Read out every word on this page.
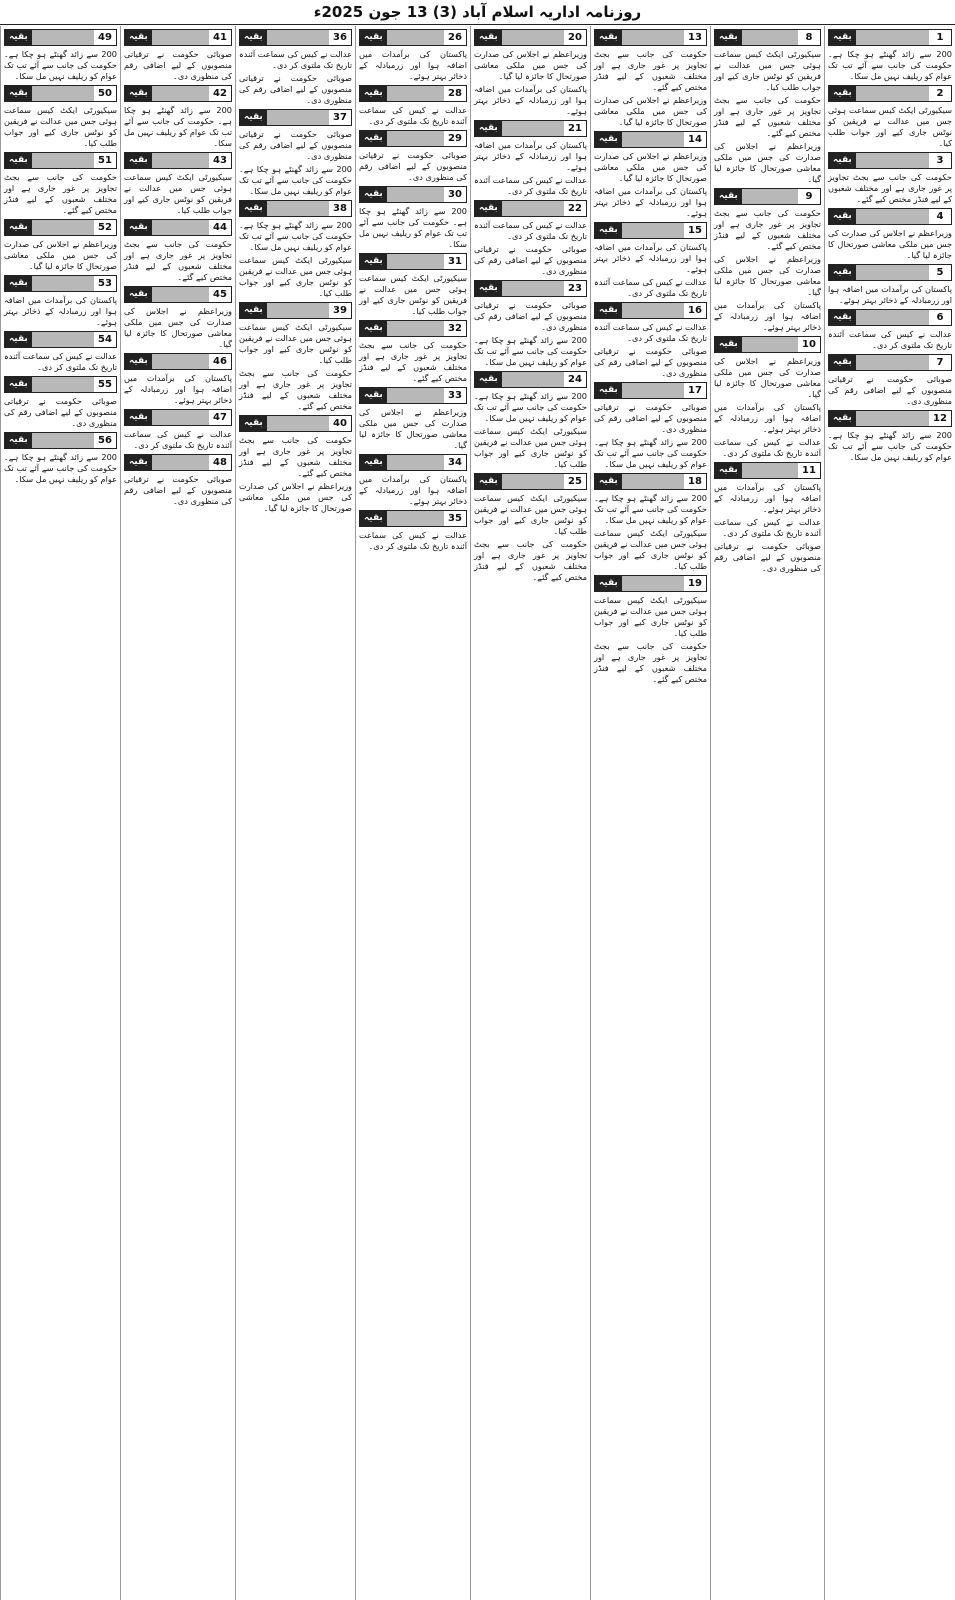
روزنامہ اداریہ اسلام آباد (3) 13 جون 2025ء
1
بقیہ

200 سے زائد گھنٹے ہو چکا ہے۔ حکومت کی جانب سے آئے تب تک عوام کو ریلیف نہیں مل سکا۔

2
بقیہ

سیکیورٹی ایکٹ کیس سماعت ہوئی جس میں عدالت نے فریقین کو نوٹس جاری کیے اور جواب طلب کیا۔

3
بقیہ

حکومت کی جانب سے بجٹ تجاویز پر غور جاری ہے اور مختلف شعبوں کے لیے فنڈز مختص کیے گئے۔

4
بقیہ

وزیراعظم نے اجلاس کی صدارت کی جس میں ملکی معاشی صورتحال کا جائزہ لیا گیا۔

5
بقیہ

پاکستان کی برآمدات میں اضافہ ہوا اور زرمبادلہ کے ذخائر بہتر ہوئے۔

6
بقیہ

عدالت نے کیس کی سماعت آئندہ تاریخ تک ملتوی کر دی۔

7
بقیہ

صوبائی حکومت نے ترقیاتی منصوبوں کے لیے اضافی رقم کی منظوری دی۔

12
بقیہ

200 سے زائد گھنٹے ہو چکا ہے۔ حکومت کی جانب سے آئے تب تک عوام کو ریلیف نہیں مل سکا۔

8
بقیہ

سیکیورٹی ایکٹ کیس سماعت ہوئی جس میں عدالت نے فریقین کو نوٹس جاری کیے اور جواب طلب کیا۔

حکومت کی جانب سے بجٹ تجاویز پر غور جاری ہے اور مختلف شعبوں کے لیے فنڈز مختص کیے گئے۔

وزیراعظم نے اجلاس کی صدارت کی جس میں ملکی معاشی صورتحال کا جائزہ لیا گیا۔

9
بقیہ

حکومت کی جانب سے بجٹ تجاویز پر غور جاری ہے اور مختلف شعبوں کے لیے فنڈز مختص کیے گئے۔

وزیراعظم نے اجلاس کی صدارت کی جس میں ملکی معاشی صورتحال کا جائزہ لیا گیا۔

پاکستان کی برآمدات میں اضافہ ہوا اور زرمبادلہ کے ذخائر بہتر ہوئے۔

10
بقیہ

وزیراعظم نے اجلاس کی صدارت کی جس میں ملکی معاشی صورتحال کا جائزہ لیا گیا۔

پاکستان کی برآمدات میں اضافہ ہوا اور زرمبادلہ کے ذخائر بہتر ہوئے۔

عدالت نے کیس کی سماعت آئندہ تاریخ تک ملتوی کر دی۔

11
بقیہ

پاکستان کی برآمدات میں اضافہ ہوا اور زرمبادلہ کے ذخائر بہتر ہوئے۔

عدالت نے کیس کی سماعت آئندہ تاریخ تک ملتوی کر دی۔

صوبائی حکومت نے ترقیاتی منصوبوں کے لیے اضافی رقم کی منظوری دی۔

13
بقیہ

حکومت کی جانب سے بجٹ تجاویز پر غور جاری ہے اور مختلف شعبوں کے لیے فنڈز مختص کیے گئے۔

وزیراعظم نے اجلاس کی صدارت کی جس میں ملکی معاشی صورتحال کا جائزہ لیا گیا۔

14
بقیہ

وزیراعظم نے اجلاس کی صدارت کی جس میں ملکی معاشی صورتحال کا جائزہ لیا گیا۔

پاکستان کی برآمدات میں اضافہ ہوا اور زرمبادلہ کے ذخائر بہتر ہوئے۔

15
بقیہ

پاکستان کی برآمدات میں اضافہ ہوا اور زرمبادلہ کے ذخائر بہتر ہوئے۔

عدالت نے کیس کی سماعت آئندہ تاریخ تک ملتوی کر دی۔

16
بقیہ

عدالت نے کیس کی سماعت آئندہ تاریخ تک ملتوی کر دی۔

صوبائی حکومت نے ترقیاتی منصوبوں کے لیے اضافی رقم کی منظوری دی۔

17
بقیہ

صوبائی حکومت نے ترقیاتی منصوبوں کے لیے اضافی رقم کی منظوری دی۔

200 سے زائد گھنٹے ہو چکا ہے۔ حکومت کی جانب سے آئے تب تک عوام کو ریلیف نہیں مل سکا۔

18
بقیہ

200 سے زائد گھنٹے ہو چکا ہے۔ حکومت کی جانب سے آئے تب تک عوام کو ریلیف نہیں مل سکا۔

سیکیورٹی ایکٹ کیس سماعت ہوئی جس میں عدالت نے فریقین کو نوٹس جاری کیے اور جواب طلب کیا۔

19
بقیہ

سیکیورٹی ایکٹ کیس سماعت ہوئی جس میں عدالت نے فریقین کو نوٹس جاری کیے اور جواب طلب کیا۔

حکومت کی جانب سے بجٹ تجاویز پر غور جاری ہے اور مختلف شعبوں کے لیے فنڈز مختص کیے گئے۔

20
بقیہ

وزیراعظم نے اجلاس کی صدارت کی جس میں ملکی معاشی صورتحال کا جائزہ لیا گیا۔

پاکستان کی برآمدات میں اضافہ ہوا اور زرمبادلہ کے ذخائر بہتر ہوئے۔

21
بقیہ

پاکستان کی برآمدات میں اضافہ ہوا اور زرمبادلہ کے ذخائر بہتر ہوئے۔

عدالت نے کیس کی سماعت آئندہ تاریخ تک ملتوی کر دی۔

22
بقیہ

عدالت نے کیس کی سماعت آئندہ تاریخ تک ملتوی کر دی۔

صوبائی حکومت نے ترقیاتی منصوبوں کے لیے اضافی رقم کی منظوری دی۔

23
بقیہ

صوبائی حکومت نے ترقیاتی منصوبوں کے لیے اضافی رقم کی منظوری دی۔

200 سے زائد گھنٹے ہو چکا ہے۔ حکومت کی جانب سے آئے تب تک عوام کو ریلیف نہیں مل سکا۔

24
بقیہ

200 سے زائد گھنٹے ہو چکا ہے۔ حکومت کی جانب سے آئے تب تک عوام کو ریلیف نہیں مل سکا۔

سیکیورٹی ایکٹ کیس سماعت ہوئی جس میں عدالت نے فریقین کو نوٹس جاری کیے اور جواب طلب کیا۔

25
بقیہ

سیکیورٹی ایکٹ کیس سماعت ہوئی جس میں عدالت نے فریقین کو نوٹس جاری کیے اور جواب طلب کیا۔

حکومت کی جانب سے بجٹ تجاویز پر غور جاری ہے اور مختلف شعبوں کے لیے فنڈز مختص کیے گئے۔

26
بقیہ

پاکستان کی برآمدات میں اضافہ ہوا اور زرمبادلہ کے ذخائر بہتر ہوئے۔

28
بقیہ

عدالت نے کیس کی سماعت آئندہ تاریخ تک ملتوی کر دی۔

29
بقیہ

صوبائی حکومت نے ترقیاتی منصوبوں کے لیے اضافی رقم کی منظوری دی۔

30
بقیہ

200 سے زائد گھنٹے ہو چکا ہے۔ حکومت کی جانب سے آئے تب تک عوام کو ریلیف نہیں مل سکا۔

31
بقیہ

سیکیورٹی ایکٹ کیس سماعت ہوئی جس میں عدالت نے فریقین کو نوٹس جاری کیے اور جواب طلب کیا۔

32
بقیہ

حکومت کی جانب سے بجٹ تجاویز پر غور جاری ہے اور مختلف شعبوں کے لیے فنڈز مختص کیے گئے۔

33
بقیہ

وزیراعظم نے اجلاس کی صدارت کی جس میں ملکی معاشی صورتحال کا جائزہ لیا گیا۔

34
بقیہ

پاکستان کی برآمدات میں اضافہ ہوا اور زرمبادلہ کے ذخائر بہتر ہوئے۔

35
بقیہ

عدالت نے کیس کی سماعت آئندہ تاریخ تک ملتوی کر دی۔

36
بقیہ

عدالت نے کیس کی سماعت آئندہ تاریخ تک ملتوی کر دی۔

صوبائی حکومت نے ترقیاتی منصوبوں کے لیے اضافی رقم کی منظوری دی۔

37
بقیہ

صوبائی حکومت نے ترقیاتی منصوبوں کے لیے اضافی رقم کی منظوری دی۔

200 سے زائد گھنٹے ہو چکا ہے۔ حکومت کی جانب سے آئے تب تک عوام کو ریلیف نہیں مل سکا۔

38
بقیہ

200 سے زائد گھنٹے ہو چکا ہے۔ حکومت کی جانب سے آئے تب تک عوام کو ریلیف نہیں مل سکا۔

سیکیورٹی ایکٹ کیس سماعت ہوئی جس میں عدالت نے فریقین کو نوٹس جاری کیے اور جواب طلب کیا۔

39
بقیہ

سیکیورٹی ایکٹ کیس سماعت ہوئی جس میں عدالت نے فریقین کو نوٹس جاری کیے اور جواب طلب کیا۔

حکومت کی جانب سے بجٹ تجاویز پر غور جاری ہے اور مختلف شعبوں کے لیے فنڈز مختص کیے گئے۔

40
بقیہ

حکومت کی جانب سے بجٹ تجاویز پر غور جاری ہے اور مختلف شعبوں کے لیے فنڈز مختص کیے گئے۔

وزیراعظم نے اجلاس کی صدارت کی جس میں ملکی معاشی صورتحال کا جائزہ لیا گیا۔

41
بقیہ

صوبائی حکومت نے ترقیاتی منصوبوں کے لیے اضافی رقم کی منظوری دی۔

42
بقیہ

200 سے زائد گھنٹے ہو چکا ہے۔ حکومت کی جانب سے آئے تب تک عوام کو ریلیف نہیں مل سکا۔

43
بقیہ

سیکیورٹی ایکٹ کیس سماعت ہوئی جس میں عدالت نے فریقین کو نوٹس جاری کیے اور جواب طلب کیا۔

44
بقیہ

حکومت کی جانب سے بجٹ تجاویز پر غور جاری ہے اور مختلف شعبوں کے لیے فنڈز مختص کیے گئے۔

45
بقیہ

وزیراعظم نے اجلاس کی صدارت کی جس میں ملکی معاشی صورتحال کا جائزہ لیا گیا۔

46
بقیہ

پاکستان کی برآمدات میں اضافہ ہوا اور زرمبادلہ کے ذخائر بہتر ہوئے۔

47
بقیہ

عدالت نے کیس کی سماعت آئندہ تاریخ تک ملتوی کر دی۔

48
بقیہ

صوبائی حکومت نے ترقیاتی منصوبوں کے لیے اضافی رقم کی منظوری دی۔

49
بقیہ

200 سے زائد گھنٹے ہو چکا ہے۔ حکومت کی جانب سے آئے تب تک عوام کو ریلیف نہیں مل سکا۔

50
بقیہ

سیکیورٹی ایکٹ کیس سماعت ہوئی جس میں عدالت نے فریقین کو نوٹس جاری کیے اور جواب طلب کیا۔

51
بقیہ

حکومت کی جانب سے بجٹ تجاویز پر غور جاری ہے اور مختلف شعبوں کے لیے فنڈز مختص کیے گئے۔

52
بقیہ

وزیراعظم نے اجلاس کی صدارت کی جس میں ملکی معاشی صورتحال کا جائزہ لیا گیا۔

53
بقیہ

پاکستان کی برآمدات میں اضافہ ہوا اور زرمبادلہ کے ذخائر بہتر ہوئے۔

54
بقیہ

عدالت نے کیس کی سماعت آئندہ تاریخ تک ملتوی کر دی۔

55
بقیہ

صوبائی حکومت نے ترقیاتی منصوبوں کے لیے اضافی رقم کی منظوری دی۔

56
بقیہ

200 سے زائد گھنٹے ہو چکا ہے۔ حکومت کی جانب سے آئے تب تک عوام کو ریلیف نہیں مل سکا۔
